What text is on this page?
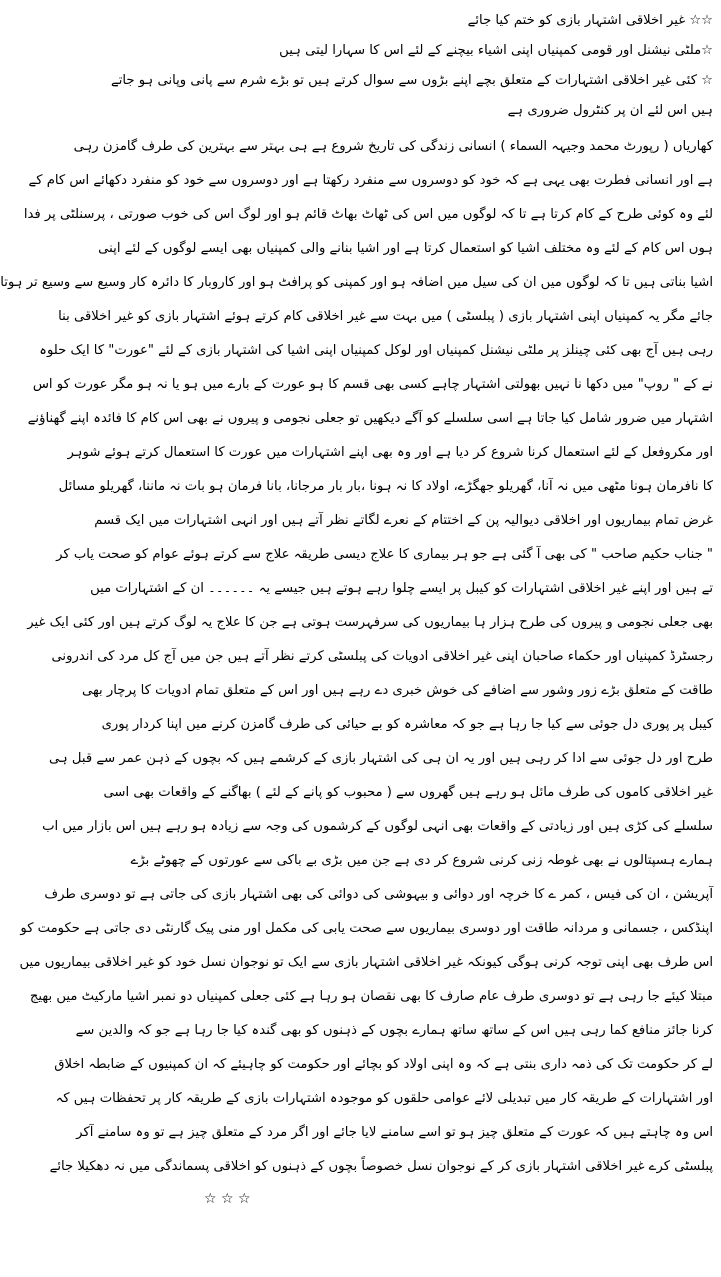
☆☆ غیر اخلاقی اشتہار بازی کو ختم کیا جائے
☆ملٹی نیشنل اور قومی کمپنیاں اپنی اشیاء بیچنے کے لئے اس کا سہارا لیتی ہیں
☆ کئی غیر اخلاقی اشتہارات کے متعلق بچے اپنے بڑوں سے سوال کرتے ہیں تو بڑے شرم سے پانی وپانی ہو جاتے
ہیں اس لئے ان پر کنٹرول ضروری ہے
کھاریاں ( رپورٹ محمد وجیہہ السماء ) انسانی زندگی کی تاریخ شروع ہے ہی بہتر سے بہترین کی طرف گامزن رہی
ہے اور انسانی فطرت بھی یہی ہے کہ خود کو دوسروں سے منفرد رکھتا ہے اور دوسروں سے خود کو منفرد دکھائے اس کام کے
لئے وہ کوئی طرح کے کام کرتا ہے تا کہ لوگوں میں اس کی ٹھاٹ بھاٹ قائم ہو اور لوگ اس کی خوب صورتی ، پرسنلٹی پر فدا
ہوں اس کام کے لئے وہ مختلف اشیا کو استعمال کرتا ہے اور اشیا بنانے والی کمپنیاں بھی ایسے لوگوں کے لئے اپنی
اشیا بناتی ہیں تا کہ لوگوں میں ان کی سیل میں اضافہ ہو اور کمپنی کو پرافٹ ہو اور کاروبار کا دائرہ کار وسیع سے وسیع تر ہوتا
جائے مگر یہ کمپنیاں اپنی اشتہار بازی ( پبلسٹی ) میں بہت سے غیر اخلاقی کام کرتے ہوئے اشتہار بازی کو غیر اخلاقی بنا
رہی ہیں آج بھی کئی چینلز پر ملٹی نیشنل کمپنیاں اور لوکل کمپنیاں اپنی اشیا کی اشتہار بازی کے لئے "عورت" کا ایک حلوہ
نے کے " روپ" میں دکھا نا نہیں بھولتی اشتہار چاہے کسی بھی قسم کا ہو عورت کے بارے میں ہو یا نہ ہو مگر عورت کو اس
اشتہار میں ضرور شامل کیا جاتا ہے اسی سلسلے کو آگے دیکھیں تو جعلی نجومی و پیروں نے بھی اس کام کا فائدہ اپنے گھناؤنے
اور مکروفعل کے لئے استعمال کرنا شروع کر دیا ہے اور وہ بھی اپنے اشتہارات میں عورت کا استعمال کرتے ہوئے شوہر
کا نافرمان ہونا مٹھی میں نہ آنا، گھریلو جھگڑے، اولاد کا نہ ہونا ،بار بار مرجانا، بانا فرمان ہو بات نہ ماننا، گھریلو مسائل
غرض تمام بیماریوں اور اخلاقی دیوالیہ پن کے اختتام کے نعرے لگاتے نظر آتے ہیں اور انہی اشتہارات میں ایک قسم
" جناب حکیم صاحب " کی بھی آ گئی ہے جو ہر بیماری کا علاج دیسی طریقہ علاج سے کرتے ہوئے عوام کو صحت یاب کر
تے ہیں اور اپنے غیر اخلاقی اشتہارات کو کیبل پر ایسے چلوا رہے ہوتے ہیں جیسے یہ ۔۔۔۔۔۔ ان کے اشتہارات میں
بھی جعلی نجومی و پیروں کی طرح ہزار ہا بیماریوں کی سرفہرست ہوتی ہے جن کا علاج یہ لوگ کرتے ہیں اور کئی ایک غیر
رجسٹرڈ کمپنیاں اور حکماء صاحبان اپنی غیر اخلاقی ادویات کی پبلسٹی کرتے نظر آتے ہیں جن میں آج کل مرد کی اندرونی
طاقت کے متعلق بڑے زور وشور سے اضافے کی خوش خبری دے رہے ہیں اور اس کے متعلق تمام ادویات کا پرچار بھی
کیبل پر پوری دل جوئی سے کیا جا رہا ہے جو کہ معاشرہ کو بے حیائی کی طرف گامزن کرنے میں اپنا کردار پوری
طرح اور دل جوئی سے ادا کر رہی ہیں اور یہ ان ہی کی اشتہار بازی کے کرشمے ہیں کہ بچوں کے ذہن عمر سے قبل ہی
غیر اخلاقی کاموں کی طرف مائل ہو رہے ہیں گھروں سے ( محبوب کو پانے کے لئے ) بھاگنے کے واقعات بھی اسی
سلسلے کی کڑی ہیں اور زیادتی کے واقعات بھی انہی لوگوں کے کرشموں کی وجہ سے زیادہ ہو رہے ہیں اس بازار میں اب
ہمارے ہسپتالوں نے بھی غوطہ زنی کرنی شروع کر دی ہے جن میں بڑی بے باکی سے عورتوں کے چھوٹے بڑے
آپریشن ، ان کی فیس ، کمر ے کا خرچہ اور دوائی و بیہوشی کی دوائی کی بھی اشتہار بازی کی جاتی ہے تو دوسری طرف
اپنڈکس ، جسمانی و مردانہ طاقت اور دوسری بیماریوں سے صحت یابی کی مکمل اور منی پیک گارنٹی دی جاتی ہے حکومت کو
اس طرف بھی اپنی توجہ کرنی ہوگی کیونکہ غیر اخلاقی اشتہار بازی سے ایک تو نوجوان نسل خود کو غیر اخلاقی بیماریوں میں
مبتلا کیئے جا رہی ہے تو دوسری طرف عام صارف کا بھی نقصان ہو رہا ہے کئی جعلی کمپنیاں دو نمبر اشیا مارکیٹ میں بھیج
کرنا جائز منافع کما رہی ہیں اس کے ساتھ ساتھ ہمارے بچوں کے ذہنوں کو بھی گندہ کیا جا رہا ہے جو کہ والدین سے
لے کر حکومت تک کی ذمہ داری بنتی ہے کہ وہ اپنی اولاد کو بچائے اور حکومت کو چاہیئے کہ ان کمپنیوں کے ضابطہ اخلاق
اور اشتہارات کے طریقہ کار میں تبدیلی لائے عوامی حلقوں کو موجودہ اشتہارات بازی کے طریقہ کار پر تحفظات ہیں کہ
اس وہ چاہتے ہیں کہ عورت کے متعلق چیز ہو تو اسے سامنے لایا جائے اور اگر مرد کے متعلق چیز ہے تو وہ سامنے آکر
پبلسٹی کرے غیر اخلاقی اشتہار بازی کر کے نوجوان نسل خصوصاً بچوں کے ذہنوں کو اخلاقی پسماندگی میں نہ دھکیلا جائے
☆ ☆ ☆
